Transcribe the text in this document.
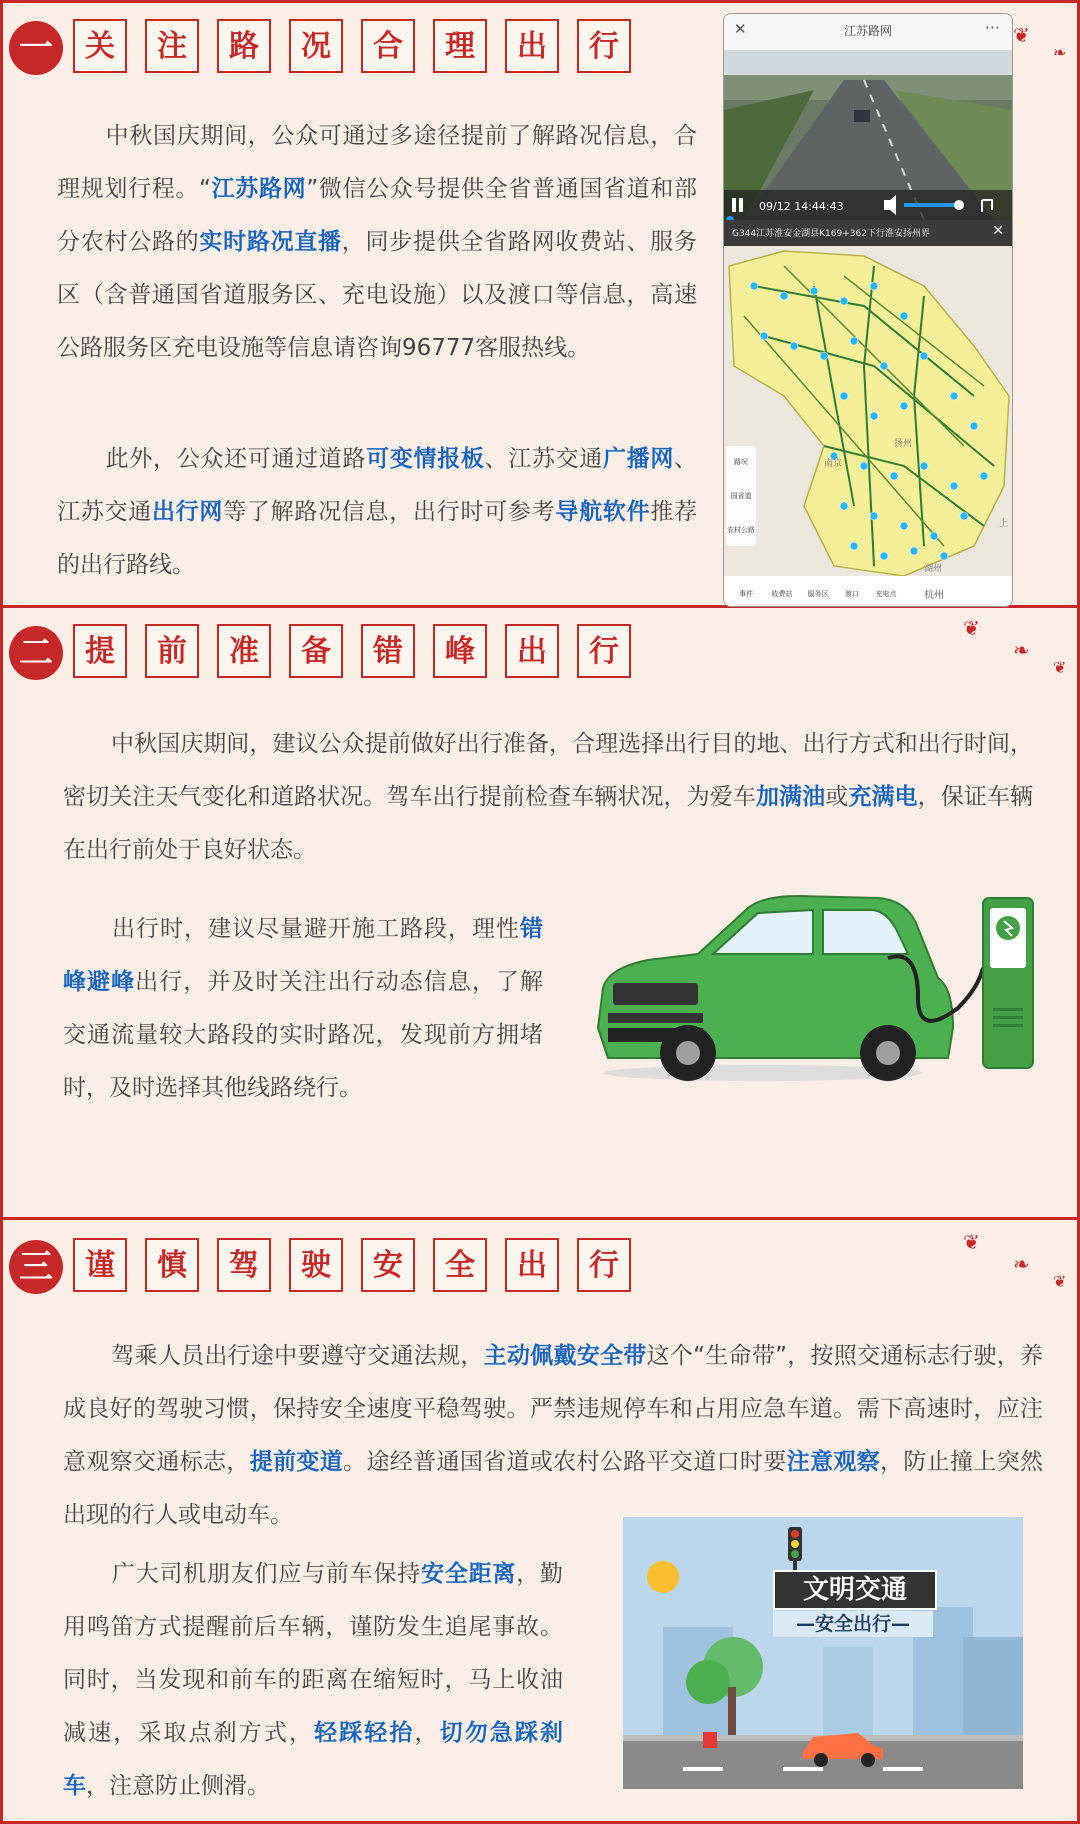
一	关	注	路	况	合	理	出	行
中秋国庆期间，公众可通过多途径提前了解路况信息，合理规划行程。“江苏路网”微信公众号提供全省普通国省道和部分农村公路的实时路况直播，同步提供全省路网收费站、服务区（含普通国省道服务区、充电设施）以及渡口等信息，高速公路服务区充电设施等信息请咨询96777客服热线。
此外，公众还可通过道路可变情报板、江苏交通广播网、江苏交通出行网等了解路况信息，出行时可参考导航软件推荐的出行路线。
✕	江苏路网	···
09/12 14:44:43
G344江苏淮安金湖县K169+362下行淮安扬州界	✕
路况
国省道
农村公路
事件	收费站 服务区 渡口 充电点	杭州
南京
扬州
湖州
上
❦
❧
二	提	前	准	备	错	峰	出	行
中秋国庆期间，建议公众提前做好出行准备，合理选择出行目的地、出行方式和出行时间，密切关注天气变化和道路状况。驾车出行提前检查车辆状况，为爱车加满油或充满电，保证车辆在出行前处于良好状态。
出行时，建议尽量避开施工路段，理性错峰避峰出行，并及时关注出行动态信息，了解交通流量较大路段的实时路况，发现前方拥堵时，及时选择其他线路绕行。
❦
❧
❦
三	谨	慎	驾	驶	安	全	出	行
驾乘人员出行途中要遵守交通法规，主动佩戴安全带这个“生命带”，按照交通标志行驶，养成良好的驾驶习惯，保持安全速度平稳驾驶。严禁违规停车和占用应急车道。需下高速时，应注意观察交通标志，提前变道。途经普通国省道或农村公路平交道口时要注意观察，防止撞上突然出现的行人或电动车。
广大司机朋友们应与前车保持安全距离，勤用鸣笛方式提醒前后车辆，谨防发生追尾事故。同时，当发现和前车的距离在缩短时，马上收油减速，采取点刹方式，轻踩轻抬，切勿急踩刹车，注意防止侧滑。
文明交通
—安全出行—
❦
❧
❦
